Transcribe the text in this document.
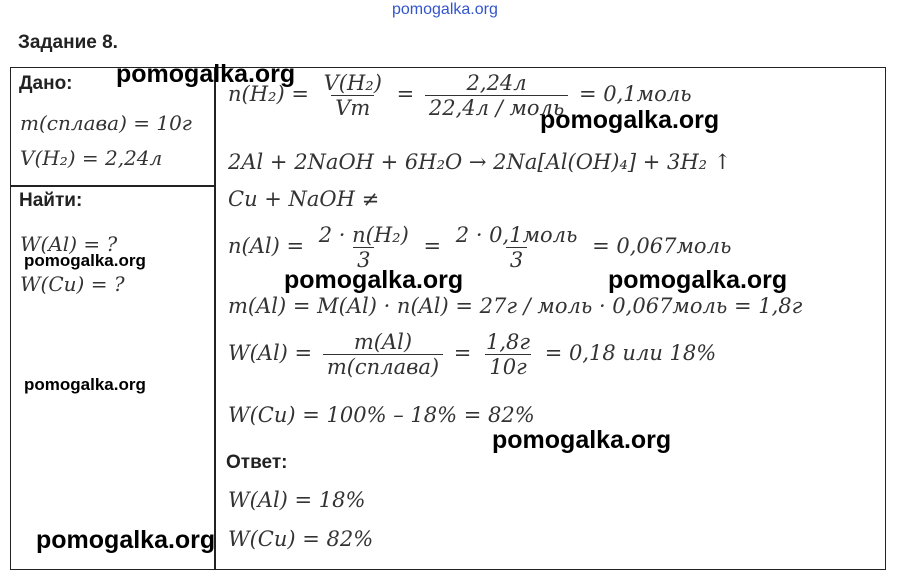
pomogalka.org
Задание 8.
Дано:
m(сплава) = 10г
V(H₂) = 2,24л
Найти:
W(Al) = ?
W(Cu) = ?
$n(H_2) = \frac{\text{V(H₂)}}{Vm} = \frac{2,24л}{\text{22,4л / моль}}$ = 0,1моль
2Al + 2NaOH + 6H₂O → 2Na[Al(OH)₄] + 3H₂ ↑
Cu + NaOH ≠
$n(Al) = \frac{\text{2 · n(H₂)}}{3} = \frac{\text{2 · 0,1моль}}{3}$ = 0,067моль
m(Al) = M(Al) · n(Al) = 27г / моль · 0,067моль = 1,8г
$W(Al) = \frac{m(Al)}{\text{m(сплава)}} = \frac{1,8г}{10г} = 0,18$ или 18%
W(Cu) = 100% – 18% = 82%
Ответ:
W(Al) = 18%
W(Cu) = 82%
pomogalka.org
pomogalka.org
pomogalka.org
pomogalka.org	pomogalka.org
pomogalka.org
pomogalka.org
pomogalka.org
